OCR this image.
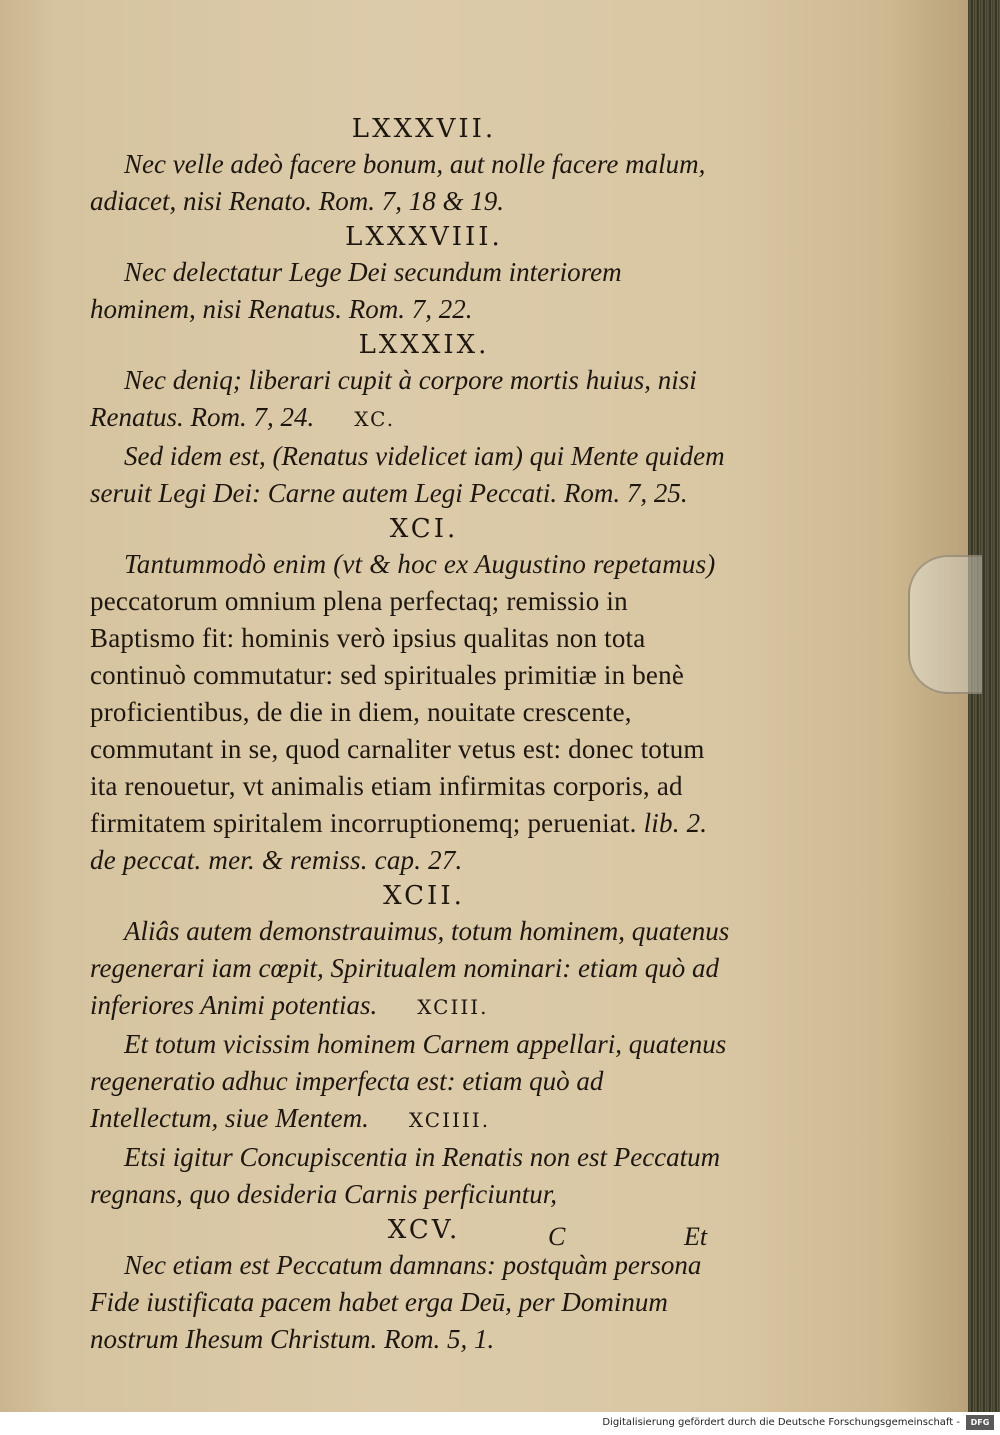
LXXXVII.

Nec velle adeò facere bonum, aut nolle facere malum, adiacet, nisi Renato. Rom. 7, 18 & 19.

LXXXVIII.

Nec delectatur Lege Dei secundum interiorem hominem, nisi Renatus. Rom. 7, 22.

LXXXIX.

Nec deniq; liberari cupit à corpore mortis huius, nisi Renatus. Rom. 7, 24. XC.

Sed idem est, (Renatus videlicet iam) qui Mente quidem seruit Legi Dei: Carne autem Legi Peccati. Rom. 7, 25.

XCI.

Tantummodò enim (vt & hoc ex Augustino repetamus) peccatorum omnium plena perfectaq; remissio in Baptismo fit: hominis verò ipsius qualitas non tota continuò commutatur: sed spirituales primitiæ in benè proficientibus, de die in diem, nouitate crescente, commutant in se, quod carnaliter vetus est: donec totum ita renouetur, vt animalis etiam infirmitas corporis, ad firmitatem spiritalem incorruptionemq; perueniat. lib. 2. de peccat. mer. & remiss. cap. 27.

XCII.

Aliâs autem demonstrauimus, totum hominem, quatenus regenerari iam cœpit, Spiritualem nominari: etiam quò ad inferiores Animi potentias. XCIII.

Et totum vicissim hominem Carnem appellari, quatenus regeneratio adhuc imperfecta est: etiam quò ad Intellectum, siue Mentem. XCIIII.

Etsi igitur Concupiscentia in Renatis non est Peccatum regnans, quo desideria Carnis perficiuntur,

XCV.

Nec etiam est Peccatum damnans: postquàm persona Fide iustificata pacem habet erga Deū, per Dominum nostrum Ihesum Christum. Rom. 5, 1.

C	Et
Digitalisierung gefördert durch die Deutsche Forschungsgemeinschaft -	DFG
